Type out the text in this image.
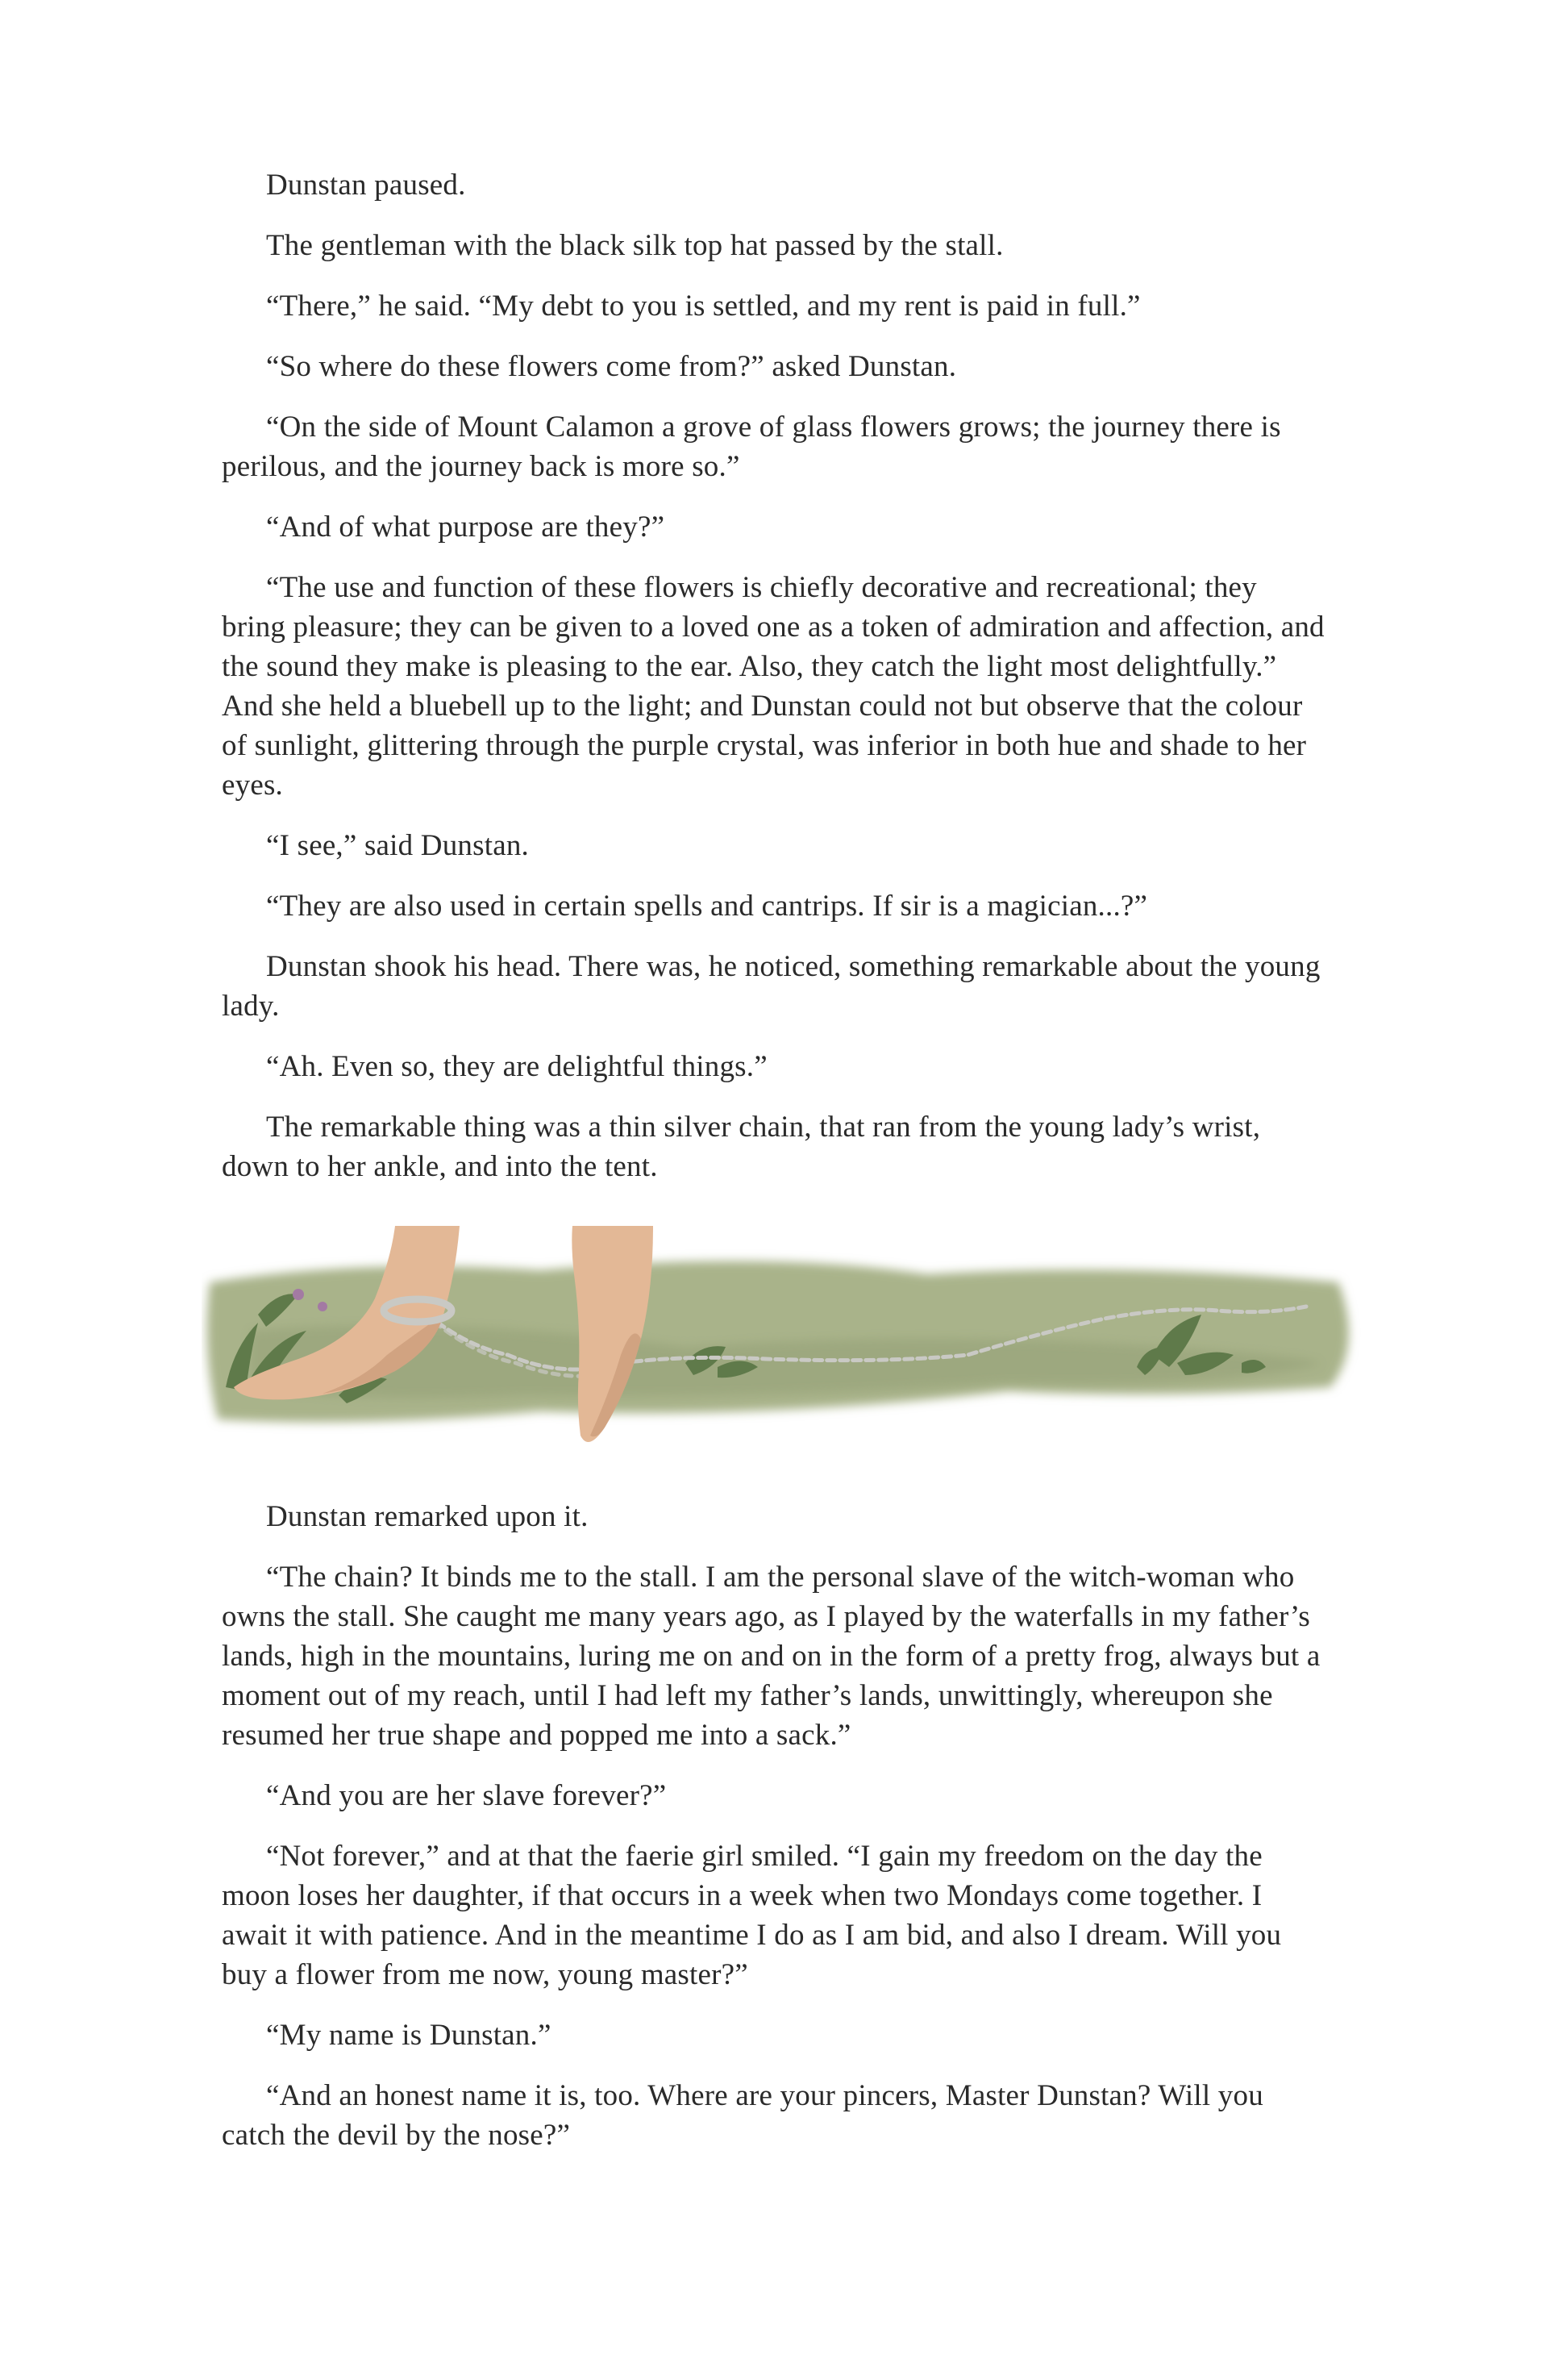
Dunstan paused.

The gentleman with the black silk top hat passed by the stall.

“There,” he said. “My debt to you is settled, and my rent is paid in full.”

“So where do these flowers come from?” asked Dunstan.

“On the side of Mount Calamon a grove of glass flowers grows; the journey there is perilous, and the journey back is more so.”

“And of what purpose are they?”

“The use and function of these flowers is chiefly decorative and recreational; they bring pleasure; they can be given to a loved one as a token of admiration and affection, and the sound they make is pleasing to the ear. Also, they catch the light most delightfully.” And she held a bluebell up to the light; and Dunstan could not but observe that the colour of sunlight, glittering through the purple crystal, was inferior in both hue and shade to her eyes.

“I see,” said Dunstan.

“They are also used in certain spells and cantrips. If sir is a magician...?”

Dunstan shook his head. There was, he noticed, something remarkable about the young lady.

“Ah. Even so, they are delightful things.”

The remarkable thing was a thin silver chain, that ran from the young lady’s wrist, down to her ankle, and into the tent.

Dunstan remarked upon it.

“The chain? It binds me to the stall. I am the personal slave of the witch-woman who owns the stall. She caught me many years ago, as I played by the waterfalls in my father’s lands, high in the mountains, luring me on and on in the form of a pretty frog, always but a moment out of my reach, until I had left my father’s lands, unwittingly, whereupon she resumed her true shape and popped me into a sack.”

“And you are her slave forever?”

“Not forever,” and at that the faerie girl smiled. “I gain my freedom on the day the moon loses her daughter, if that occurs in a week when two Mondays come together. I await it with patience. And in the meantime I do as I am bid, and also I dream. Will you buy a flower from me now, young master?”

“My name is Dunstan.”

“And an honest name it is, too. Where are your pincers, Master Dunstan? Will you catch the devil by the nose?”
